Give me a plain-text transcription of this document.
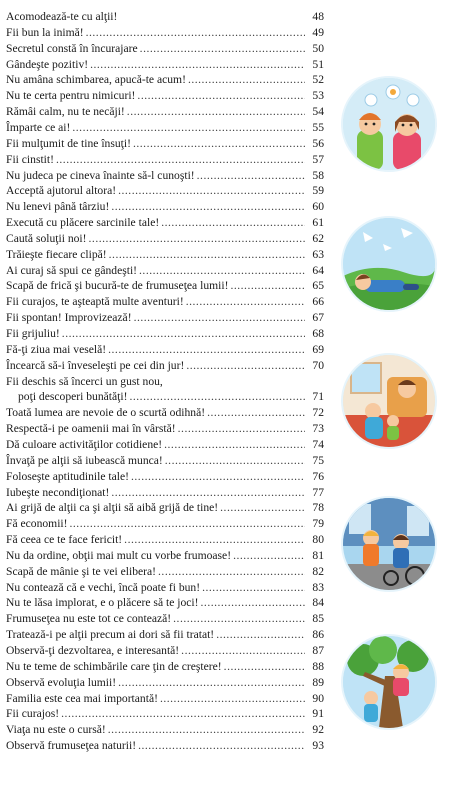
Acomodează-te cu alţii!	48
Fii bun la inimă! .....	49
Secretul constă în încurajare .....	50
Gândeşte pozitiv! .....	51
Nu amâna schimbarea, apucă-te acum! .....	52
Nu te certa pentru nimicuri! .....	53
Rămâi calm, nu te necăji! .....	54
Împarte ce ai! .....	55
Fii mulţumit de tine însuţi! .....	56
Fii cinstit! .....	57
Nu judeca pe cineva înainte să-l cunoşti! .....	58
Acceptă ajutorul altora! .....	59
Nu lenevi până târziu! .....	60
Execută cu plăcere sarcinile tale! .....	61
Caută soluţii noi! .....	62
Trăieşte fiecare clipă! .....	63
Ai curaj să spui ce gândeşti! .....	64
Scapă de frică şi bucură-te de frumuseţea lumii! .....	65
Fii curajos, te aşteaptă multe aventuri! .....	66
Fii spontan! Improvizează! .....	67
Fii grijuliu! .....	68
Fă-ţi ziua mai veselă! .....	69
Încearcă să-i înveseleşti pe cei din jur! .....	70
Fii deschis să încerci un gust nou,
poţi descoperi bunătăţi! .....	71
Toată lumea are nevoie de o scurtă odihnă! .....	72
Respectă-i pe oamenii mai în vârstă! .....	73
Dă culoare activităţilor cotidiene! .....	74
Învaţă pe alţii să iubească munca! .....	75
Foloseşte aptitudinile tale! .....	76
Iubeşte necondiţionat! .....	77
Ai grijă de alţii ca şi alţii să aibă grijă de tine! .....	78
Fă economii! .....	79
Fă ceea ce te face fericit! .....	80
Nu da ordine, obţii mai mult cu vorbe frumoase! .....	81
Scapă de mânie şi te vei elibera! .....	82
Nu contează că e vechi, încă poate fi bun! .....	83
Nu te lăsa implorat, e o plăcere să te joci! .....	84
Frumuseţea nu este tot ce contează! .....	85
Tratează-i pe alţii precum ai dori să fii tratat! .....	86
Observă-ţi dezvoltarea, e interesantă! .....	87
Nu te teme de schimbările care ţin de creştere! .....	88
Observă evoluţia lumii! .....	89
Familia este cea mai importantă! .....	90
Fii curajos! .....	91
Viaţa nu este o cursă! .....	92
Observă frumuseţea naturii! .....	93
